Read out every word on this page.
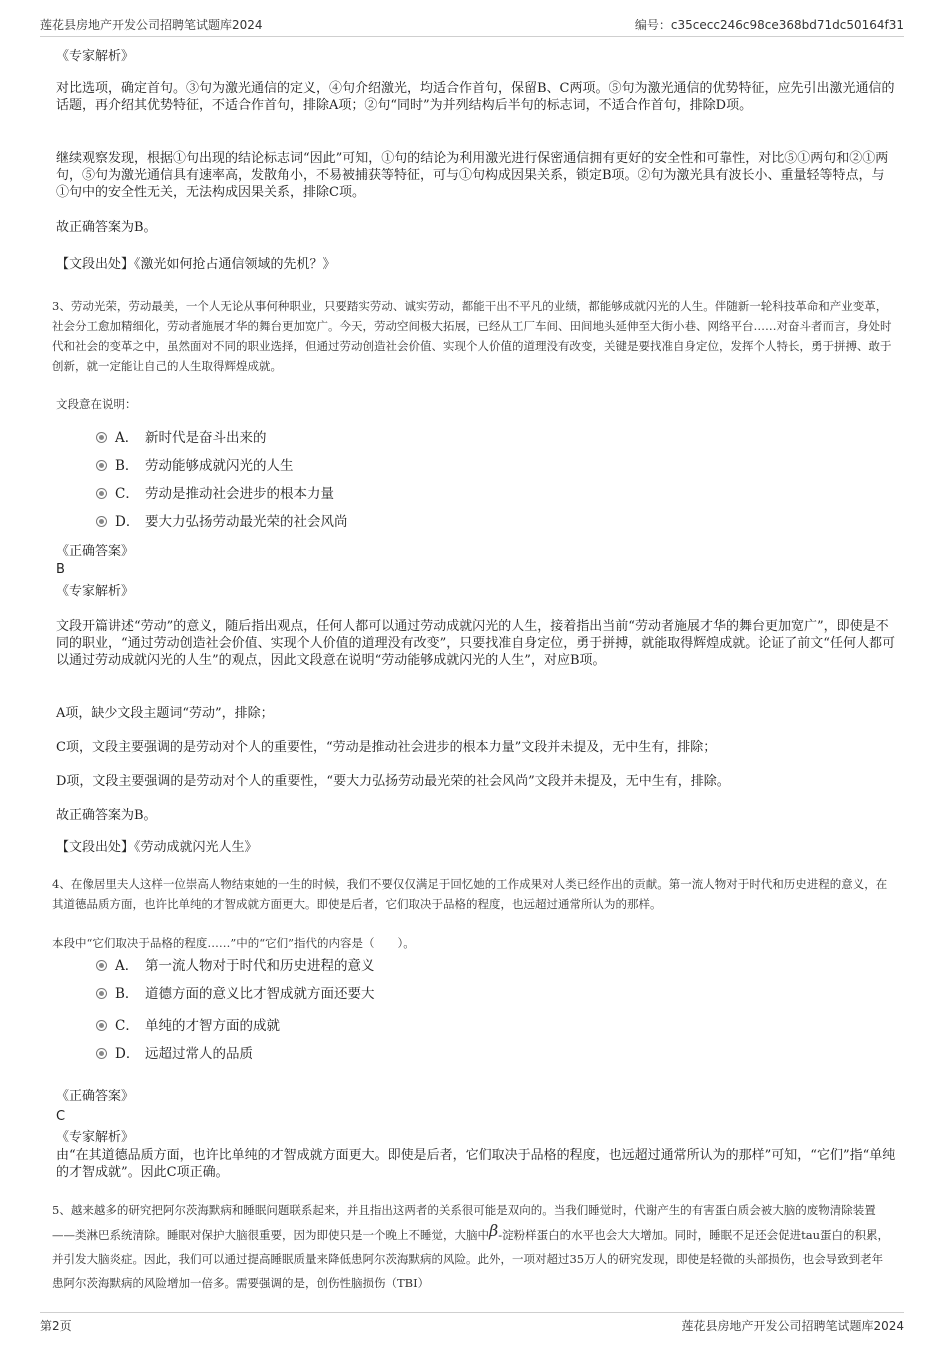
莲花县房地产开发公司招聘笔试题库2024	编号：c35cecc246c98ce368bd71dc50164f31

《专家解析》

对比选项，确定首句。③句为激光通信的定义，④句介绍激光，均适合作首句，保留B、C两项。⑤句为激光通信的优势特征，应先引出激光通信的话题，再介绍其优势特征，不适合作首句，排除A项；②句“同时”为并列结构后半句的标志词，不适合作首句，排除D项。

继续观察发现，根据①句出现的结论标志词“因此”可知，①句的结论为利用激光进行保密通信拥有更好的安全性和可靠性，对比⑤①两句和②①两句，⑤句为激光通信具有速率高，发散角小，不易被捕获等特征，可与①句构成因果关系，锁定B项。②句为激光具有波长小、重量轻等特点，与①句中的安全性无关，无法构成因果关系，排除C项。

故正确答案为B。

【文段出处】《激光如何抢占通信领域的先机？》

3、劳动光荣，劳动最美，一个人无论从事何种职业，只要踏实劳动、诚实劳动，都能干出不平凡的业绩，都能够成就闪光的人生。伴随新一轮科技革命和产业变革，社会分工愈加精细化，劳动者施展才华的舞台更加宽广。今天，劳动空间极大拓展，已经从工厂车间、田间地头延伸至大街小巷、网络平台……对奋斗者而言，身处时代和社会的变革之中，虽然面对不同的职业选择，但通过劳动创造社会价值、实现个人价值的道理没有改变，关键是要找准自身定位，发挥个人特长，勇于拼搏、敢于创新，就一定能让自己的人生取得辉煌成就。

文段意在说明：

A． 新时代是奋斗出来的
B． 劳动能够成就闪光的人生
C． 劳动是推动社会进步的根本力量
D． 要大力弘扬劳动最光荣的社会风尚

《正确答案》

B

《专家解析》

文段开篇讲述“劳动”的意义，随后指出观点，任何人都可以通过劳动成就闪光的人生，接着指出当前“劳动者施展才华的舞台更加宽广”，即使是不同的职业，“通过劳动创造社会价值、实现个人价值的道理没有改变”，只要找准自身定位，勇于拼搏，就能取得辉煌成就。论证了前文“任何人都可以通过劳动成就闪光的人生”的观点，因此文段意在说明“劳动能够成就闪光的人生”，对应B项。

A项，缺少文段主题词“劳动”，排除；

C项，文段主要强调的是劳动对个人的重要性，“劳动是推动社会进步的根本力量”文段并未提及，无中生有，排除；

D项，文段主要强调的是劳动对个人的重要性，“要大力弘扬劳动最光荣的社会风尚”文段并未提及，无中生有，排除。

故正确答案为B。

【文段出处】《劳动成就闪光人生》

4、在像居里夫人这样一位崇高人物结束她的一生的时候，我们不要仅仅满足于回忆她的工作成果对人类已经作出的贡献。第一流人物对于时代和历史进程的意义，在其道德品质方面，也许比单纯的才智成就方面更大。即使是后者，它们取决于品格的程度，也远超过通常所认为的那样。

本段中“它们取决于品格的程度……”中的“它们”指代的内容是（　　）。

A． 第一流人物对于时代和历史进程的意义
B． 道德方面的意义比才智成就方面还要大
C． 单纯的才智方面的成就
D． 远超过常人的品质

《正确答案》

C

《专家解析》

由“在其道德品质方面，也许比单纯的才智成就方面更大。即使是后者，它们取决于品格的程度，也远超过通常所认为的那样”可知，“它们”指“单纯的才智成就”。因此C项正确。

5、越来越多的研究把阿尔茨海默病和睡眠问题联系起来，并且指出这两者的关系很可能是双向的。当我们睡觉时，代谢产生的有害蛋白质会被大脑的废物清除装置——类淋巴系统清除。睡眠对保护大脑很重要，因为即使只是一个晚上不睡觉，大脑中β-淀粉样蛋白的水平也会大大增加。同时，睡眠不足还会促进tau蛋白的积累，并引发大脑炎症。因此，我们可以通过提高睡眠质量来降低患阿尔茨海默病的风险。此外，一项对超过35万人的研究发现，即使是轻微的头部损伤，也会导致到老年患阿尔茨海默病的风险增加一倍多。需要强调的是，创伤性脑损伤（TBI）

第2页	莲花县房地产开发公司招聘笔试题库2024
